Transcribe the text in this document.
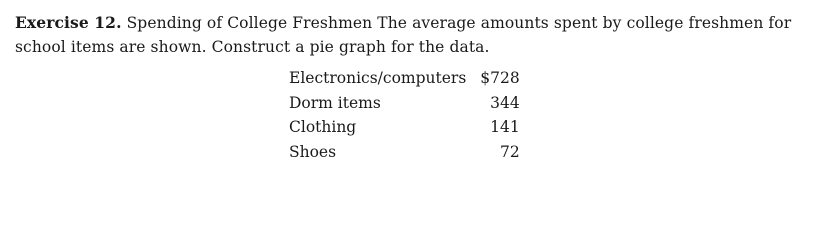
Exercise 12. Spending of College Freshmen The average amounts spent by college freshmen for school items are shown. Construct a pie graph for the data.
Electronics/computers	$728
Dorm items	344
Clothing	141
Shoes	72
